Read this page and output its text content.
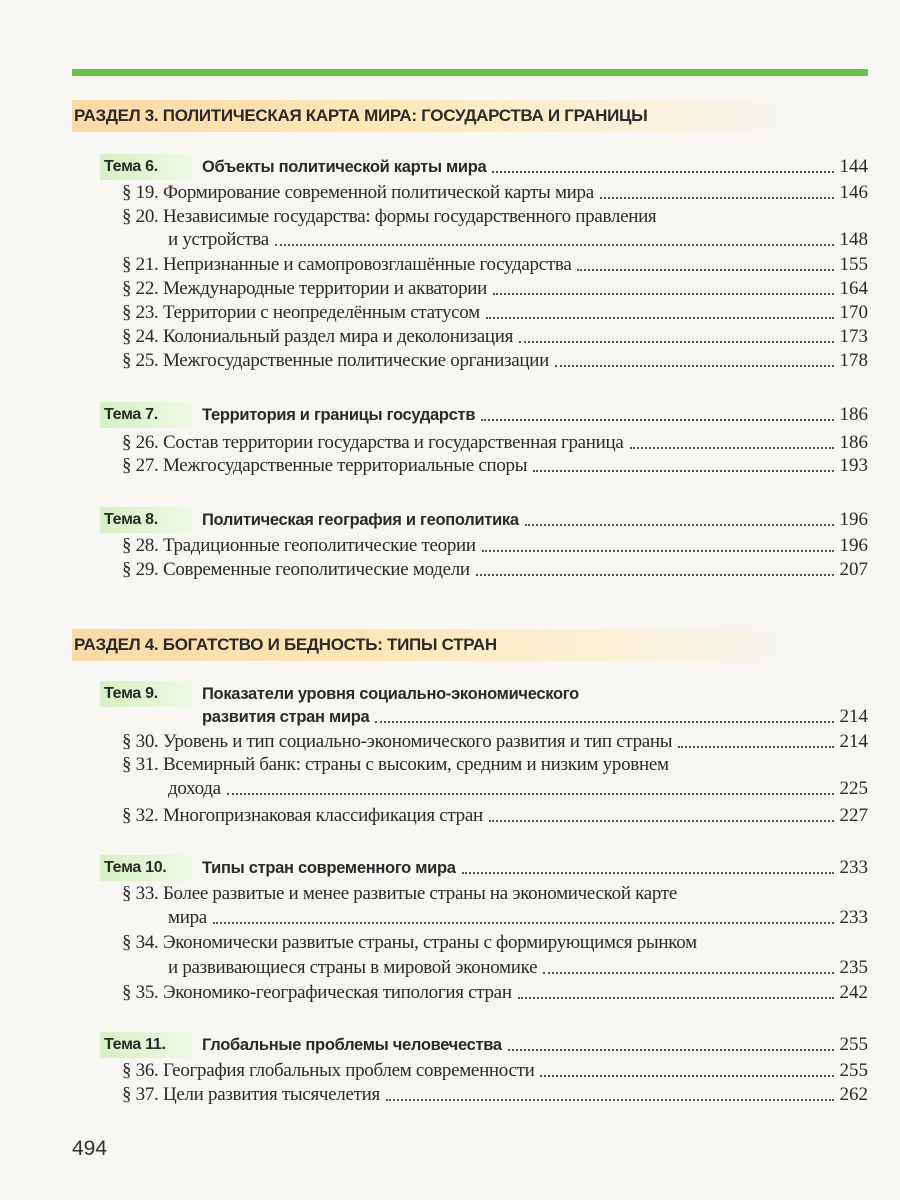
РАЗДЕЛ 3. ПОЛИТИЧЕСКАЯ КАРТА МИРА: ГОСУДАРСТВА И ГРАНИЦЫ
Тема 6.	Объекты политической карты мира	144
§ 19. Формирование современной политической карты мира	146
§ 20. Независимые государства: формы государственного правления
и устройства	148
§ 21. Непризнанные и самопровозглашённые государства	155
§ 22. Международные территории и акватории	164
§ 23. Территории с неопределённым статусом	170
§ 24. Колониальный раздел мира и деколонизация	173
§ 25. Межгосударственные политические организации	178
Тема 7.	Территория и границы государств	186
§ 26. Состав территории государства и государственная граница	186
§ 27. Межгосударственные территориальные споры	193
Тема 8.	Политическая география и геополитика	196
§ 28. Традиционные геополитические теории	196
§ 29. Современные геополитические модели	207
РАЗДЕЛ 4. БОГАТСТВО И БЕДНОСТЬ: ТИПЫ СТРАН
Тема 9.	Показатели уровня социально-экономического
развития стран мира	214
§ 30. Уровень и тип социально-экономического развития и тип страны	214
§ 31. Всемирный банк: страны с высоким, средним и низким уровнем
дохода	225
§ 32. Многопризнаковая классификация стран	227
Тема 10. Типы стран современного мира	233
§ 33. Более развитые и менее развитые страны на экономической карте
мира	233
§ 34. Экономически развитые страны, страны с формирующимся рынком
и развивающиеся страны в мировой экономике	235
§ 35. Экономико-географическая типология стран	242
Тема 11. Глобальные проблемы человечества	255
§ 36. География глобальных проблем современности	255
§ 37. Цели развития тысячелетия	262
494
